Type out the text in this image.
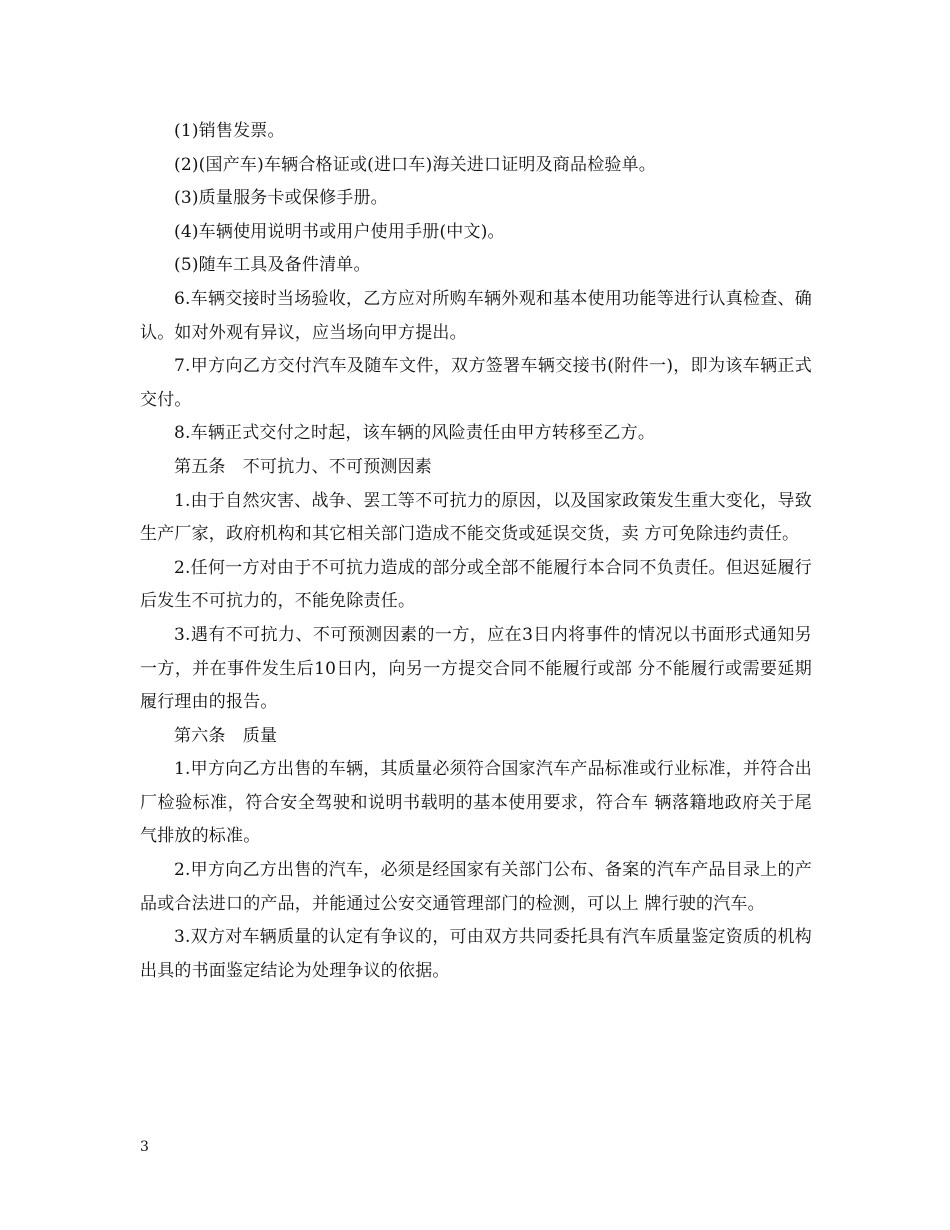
(1)销售发票。

(2)(国产车)车辆合格证或(进口车)海关进口证明及商品检验单。

(3)质量服务卡或保修手册。

(4)车辆使用说明书或用户使用手册(中文)。

(5)随车工具及备件清单。

6.车辆交接时当场验收，乙方应对所购车辆外观和基本使用功能等进行认真检查、确认。如对外观有异议，应当场向甲方提出。

7.甲方向乙方交付汽车及随车文件，双方签署车辆交接书(附件一)，即为该车辆正式交付。

8.车辆正式交付之时起，该车辆的风险责任由甲方转移至乙方。

第五条　不可抗力、不可预测因素

1.由于自然灾害、战争、罢工等不可抗力的原因，以及国家政策发生重大变化，导致生产厂家，政府机构和其它相关部门造成不能交货或延误交货，卖 方可免除违约责任。

2.任何一方对由于不可抗力造成的部分或全部不能履行本合同不负责任。但迟延履行后发生不可抗力的，不能免除责任。

3.遇有不可抗力、不可预测因素的一方，应在3日内将事件的情况以书面形式通知另一方，并在事件发生后10日内，向另一方提交合同不能履行或部 分不能履行或需要延期履行理由的报告。

第六条　质量

1.甲方向乙方出售的车辆，其质量必须符合国家汽车产品标准或行业标准，并符合出厂检验标准，符合安全驾驶和说明书载明的基本使用要求，符合车 辆落籍地政府关于尾气排放的标准。

2.甲方向乙方出售的汽车，必须是经国家有关部门公布、备案的汽车产品目录上的产品或合法进口的产品，并能通过公安交通管理部门的检测，可以上 牌行驶的汽车。

3.双方对车辆质量的认定有争议的，可由双方共同委托具有汽车质量鉴定资质的机构出具的书面鉴定结论为处理争议的依据。

3
